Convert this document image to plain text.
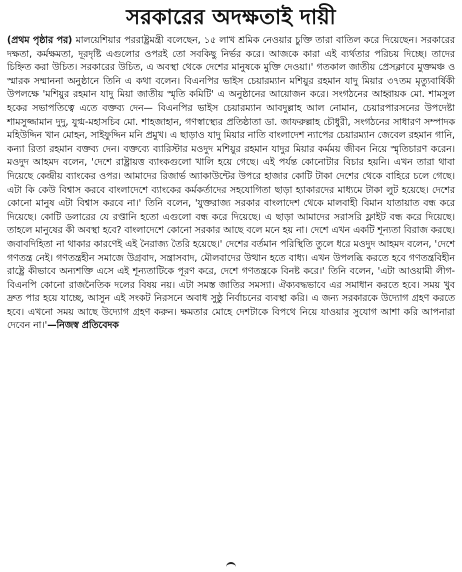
সরকারের অদক্ষতাই দায়ী

(প্রথম পৃষ্ঠার পর) মালয়েশিয়ার পররাষ্ট্রমন্ত্রী বলেছেন, ১৫ লাখ শ্রমিক নেওয়ার চুক্তি তারা বাতিল করে দিয়েছেন। সরকারের দক্ষতা, কর্মক্ষমতা, দূরদৃষ্টি এগুলোর ওপরই তো সবকিছু নির্ভর করে। আজকে কারা এই ব্যর্থতার পরিচয় দিচ্ছে। তাদের চিহ্নিত করা উচিত। সরকারের উচিত, এ অবস্থা থেকে দেশের মানুষকে মুক্তি দেওয়া।' গতকাল জাতীয় প্রেসক্লাবে মুক্তমঞ্চ ও স্মারক সম্মাননা অনুষ্ঠানে তিনি এ কথা বলেন। বিএনপির ভাইস চেয়ারম্যান মশিয়ুর রহমান যাদু মিয়ার ৩৭তম মৃত্যুবার্ষিকী উপলক্ষে 'মশিয়ুর রহমান যাদু মিয়া জাতীয় স্মৃতি কমিটি' এ অনুষ্ঠানের আয়োজন করে। সংগঠনের আহ্বায়ক মো. শামসুল হকের সভাপতিত্বে এতে বক্তব্য দেন— বিএনপির ভাইস চেয়ারম্যান আবদুল্লাহ আল নোমান, চেয়ারপারসনের উপদেষ্টা শামসুজ্জামান দুদু, যুগ্ম-মহাসচিব মো. শাহজাহান, গণস্বাস্থ্যের প্রতিষ্ঠাতা ডা. জাফরুল্লাহ চৌধুরী, সংগঠনের সাধারণ সম্পাদক মহিউদ্দিন খান মোহন, সাইফুদ্দিন মনি প্রমুখ। এ ছাড়াও যাদু মিয়ার নাতি বাংলাদেশ ন্যাপের চেয়ারম্যান জেবেল রহমান গানি, কন্যা রিতা রহমান বক্তব্য দেন। বক্তব্যে ব্যারিস্টার মওদুদ মশিয়ুর রহমান যাদুর মিয়ার কর্মময় জীবন নিয়ে স্মৃতিচারণ করেন। মওদুদ আহমদ বলেন, 'দেশে রাষ্ট্রায়ত্ত ব্যাংকগুলো খালি হয়ে গেছে। এই পর্যন্ত কোনোটার বিচার হয়নি। এখন তারা থাবা দিয়েছে কেন্দ্রীয় ব্যাংকের ওপর। আমাদের রিজার্ভ অ্যাকাউন্টের উপরে হাজার কোটি টাকা দেশের থেকে বাহিরে চলে গেছে। এটা কি কেউ বিশ্বাস করবে বাংলাদেশে ব্যাংকের কর্মকর্তাদের সহযোগিতা ছাড়া হ্যাকারদের মাধ্যমে টাকা লুট হয়েছে। দেশের কোনো মানুষ এটা বিশ্বাস করবে না।' তিনি বলেন, 'যুক্তরাজ্য সরকার বাংলাদেশ থেকে মালবাহী বিমান যাতায়াত বন্ধ করে দিয়েছে। কোটি ডলারের যে রপ্তানি হতো এগুলো বন্ধ করে দিয়েছে। এ ছাড়া আমাদের সরাসরি ফ্লাইট বন্ধ করে দিয়েছে। তাহলে মানুষের কী অবস্থা হবে? বাংলাদেশে কোনো সরকার আছে বলে মনে হয় না। দেশে এখন একটি শূন্যতা বিরাজ করছে। জবাবদিহিতা না থাকার কারণেই এই নৈরাজ্য তৈরি হয়েছে।' দেশের বর্তমান পরিস্থিতি তুলে ধরে মওদুদ আহমদ বলেন, 'দেশে গণতন্ত্র নেই। গণতন্ত্রহীন সমাজে উগ্রবাদ, সন্ত্রাসবাদ, মৌলবাদের উত্থান হতে বাধ্য। এখন উপলব্ধি করতে হবে গণতন্ত্রবিহীন রাষ্ট্রে কীভাবে অন্যশক্তি এসে এই শূন্যতাটিকে পূরণ করে, দেশে গণতন্ত্রকে বিনষ্ট করে।' তিনি বলেন, 'এটা আওয়ামী লীগ-বিএনপি কোনো রাজনৈতিক দলের বিষয় নয়। এটা সমস্ত জাতির সমস্যা। ঐক্যবদ্ধভাবে এর সমাধান করতে হবে। সময় খুব দ্রুত পার হয়ে যাচ্ছে, আসুন এই সংকট নিরসনে অবাধ সুষ্ঠু নির্বাচনের ব্যবস্থা করি। এ জন্য সরকারকে উদ্যোগ গ্রহণ করতে হবে। এখনো সময় আছে উদ্যোগ গ্রহণ করুন। ক্ষমতার মোহে দেশটাকে বিপথে নিয়ে যাওয়ার সুযোগ আশা করি আপনারা দেবেন না।'—নিজস্ব প্রতিবেদক
